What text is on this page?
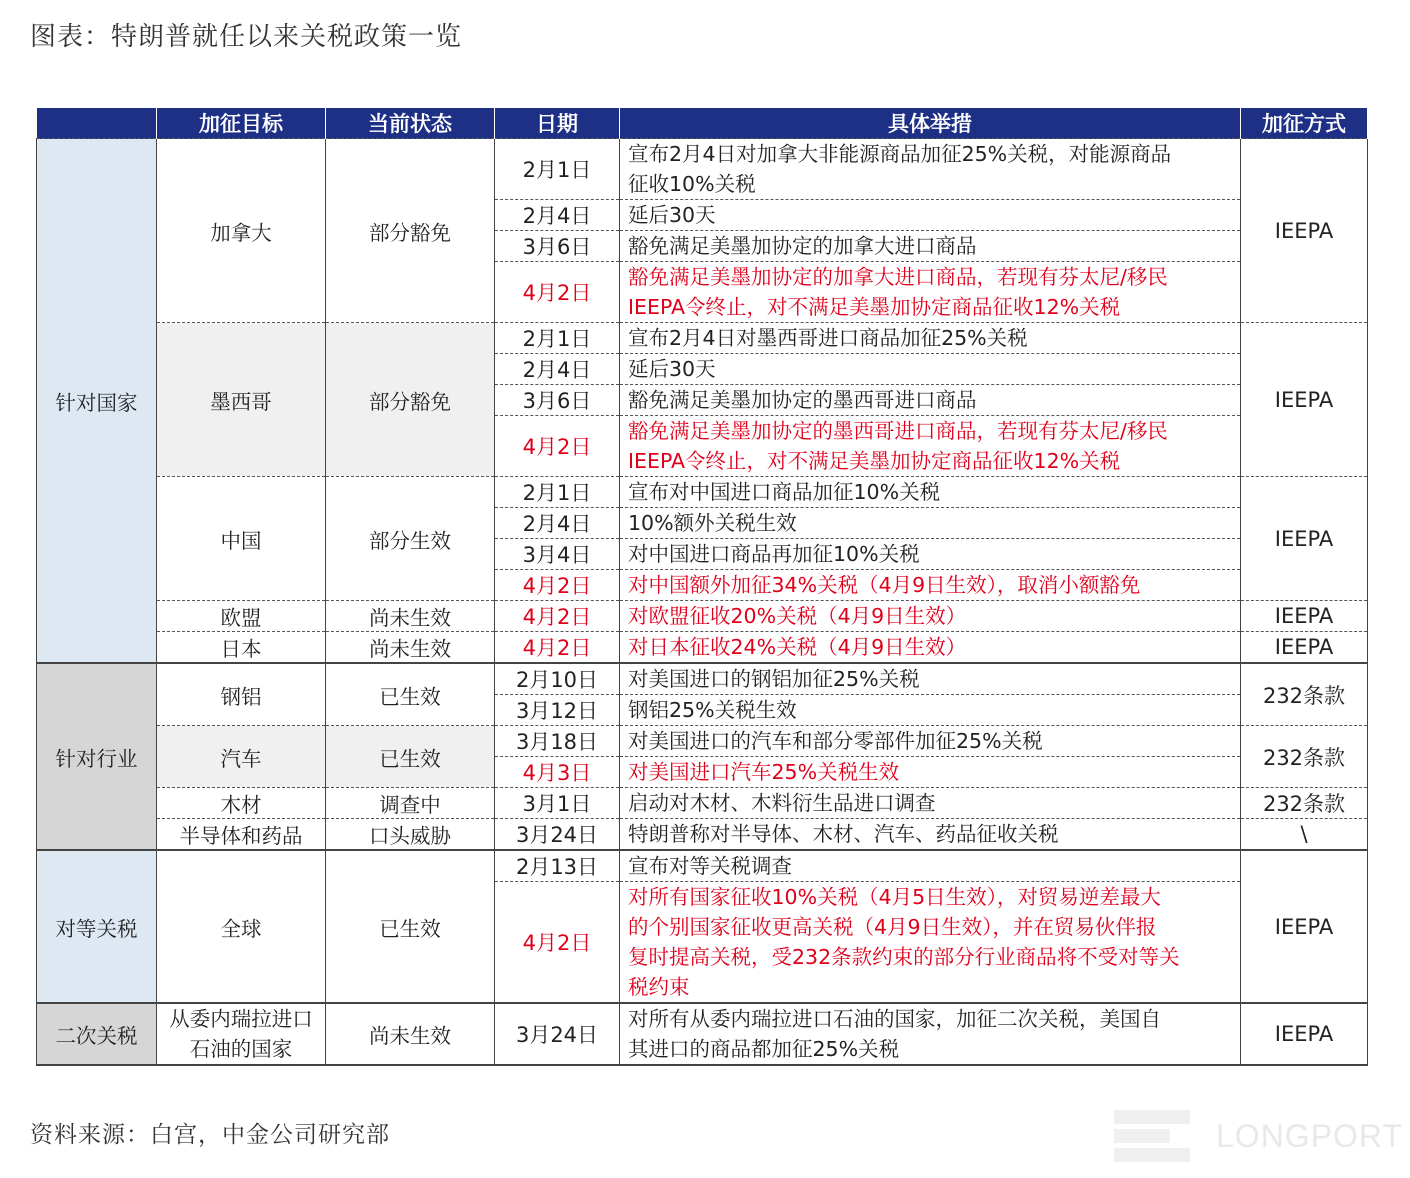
图表：特朗普就任以来关税政策一览
	加征目标	当前状态	日期	具体举措	加征方式
针对国家	加拿大	部分豁免	2月1日	宣布2月4日对加拿大非能源商品加征25%关税，对能源商品
征收10%关税	IEEPA
			2月4日	延后30天	

			3月6日	豁免满足美墨加协定的加拿大进口商品	

			4月2日	豁免满足美墨加协定的加拿大进口商品，若现有芬太尼/移民
IEEPA令终止，对不满足美墨加协定商品征收12%关税	

	墨西哥	部分豁免	2月1日	宣布2月4日对墨西哥进口商品加征25%关税	IEEPA
			2月4日	延后30天	

			3月6日	豁免满足美墨加协定的墨西哥进口商品	

			4月2日	豁免满足美墨加协定的墨西哥进口商品，若现有芬太尼/移民
IEEPA令终止，对不满足美墨加协定商品征收12%关税	

	中国	部分生效	2月1日	宣布对中国进口商品加征10%关税	IEEPA
			2月4日	10%额外关税生效	

			3月4日	对中国进口商品再加征10%关税	

			4月2日	对中国额外加征34%关税（4月9日生效），取消小额豁免	

	欧盟	尚未生效	4月2日	对欧盟征收20%关税（4月9日生效）	IEEPA
	日本	尚未生效	4月2日	对日本征收24%关税（4月9日生效）	IEEPA
针对行业	钢铝	已生效	2月10日	对美国进口的钢铝加征25%关税	232条款
			3月12日	钢铝25%关税生效	

	汽车	已生效	3月18日	对美国进口的汽车和部分零部件加征25%关税	232条款
			4月3日	对美国进口汽车25%关税生效	

	木材	调查中	3月1日	启动对木材、木料衍生品进口调查	232条款
	半导体和药品	口头威胁	3月24日	特朗普称对半导体、木材、汽车、药品征收关税	\
对等关税	全球	已生效	2月13日	宣布对等关税调查	IEEPA
			4月2日	对所有国家征收10%关税（4月5日生效），对贸易逆差最大
的个别国家征收更高关税（4月9日生效），并在贸易伙伴报
复时提高关税，受232条款约束的部分行业商品将不受对等关
税约束	

二次关税	从委内瑞拉进口
石油的国家	尚未生效	3月24日	对所有从委内瑞拉进口石油的国家，加征二次关税，美国自
其进口的商品都加征25%关税	IEEPA
资料来源：白宫，中金公司研究部	LONGPORT
